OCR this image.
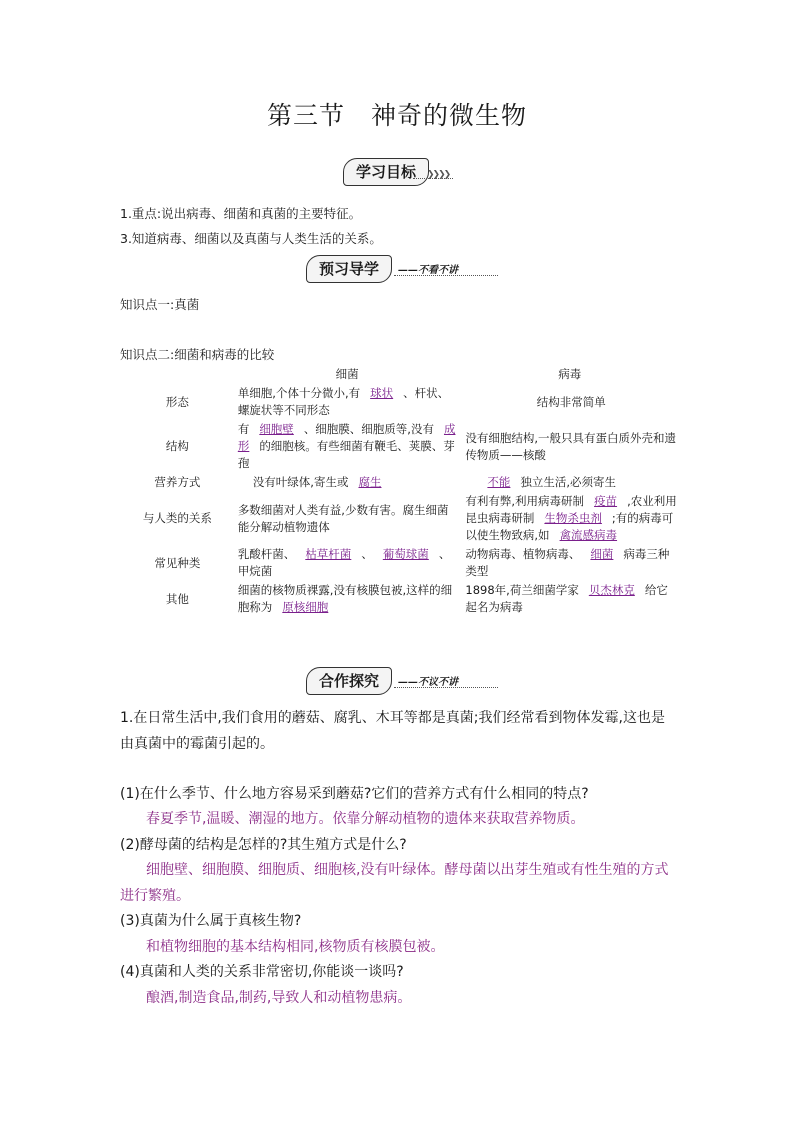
第三节　神奇的微生物
学习目标	❯❯❯❯
1.重点:说出病毒、细菌和真菌的主要特征。
3.知道病毒、细菌以及真菌与人类生活的关系。
预习导学	——不看不讲
知识点一:真菌
知识点二:细菌和病毒的比较
	细菌	病毒
形态	单细胞,个体十分微小,有 球状 、杆状、螺旋状等不同形态	结构非常简单
结构	有 细胞壁 、细胞膜、细胞质等,没有 成形 的细胞核。有些细菌有鞭毛、荚膜、芽孢	没有细胞结构,一般只具有蛋白质外壳和遗传物质——核酸
营养方式	没有叶绿体,寄生或 腐生	不能 独立生活,必须寄生
与人类的关系	多数细菌对人类有益,少数有害。腐生细菌能分解动植物遗体	有利有弊,利用病毒研制 疫苗 ,农业利用昆虫病毒研制 生物杀虫剂 ;有的病毒可以使生物致病,如 禽流感病毒
常见种类	乳酸杆菌、 枯草杆菌 、 葡萄球菌 、甲烷菌	动物病毒、植物病毒、 细菌 病毒三种类型
其他	细菌的核物质裸露,没有核膜包被,这样的细胞称为 原核细胞	1898年,荷兰细菌学家 贝杰林克 给它起名为病毒
合作探究	——不议不讲
1.在日常生活中,我们食用的蘑菇、腐乳、木耳等都是真菌;我们经常看到物体发霉,这也是
由真菌中的霉菌引起的。
(1)在什么季节、什么地方容易采到蘑菇?它们的营养方式有什么相同的特点?
春夏季节,温暖、潮湿的地方。依靠分解动植物的遗体来获取营养物质。
(2)酵母菌的结构是怎样的?其生殖方式是什么?
细胞壁、细胞膜、细胞质、细胞核,没有叶绿体。酵母菌以出芽生殖或有性生殖的方式
进行繁殖。
(3)真菌为什么属于真核生物?
和植物细胞的基本结构相同,核物质有核膜包被。
(4)真菌和人类的关系非常密切,你能谈一谈吗?
酿酒,制造食品,制药,导致人和动植物患病。
